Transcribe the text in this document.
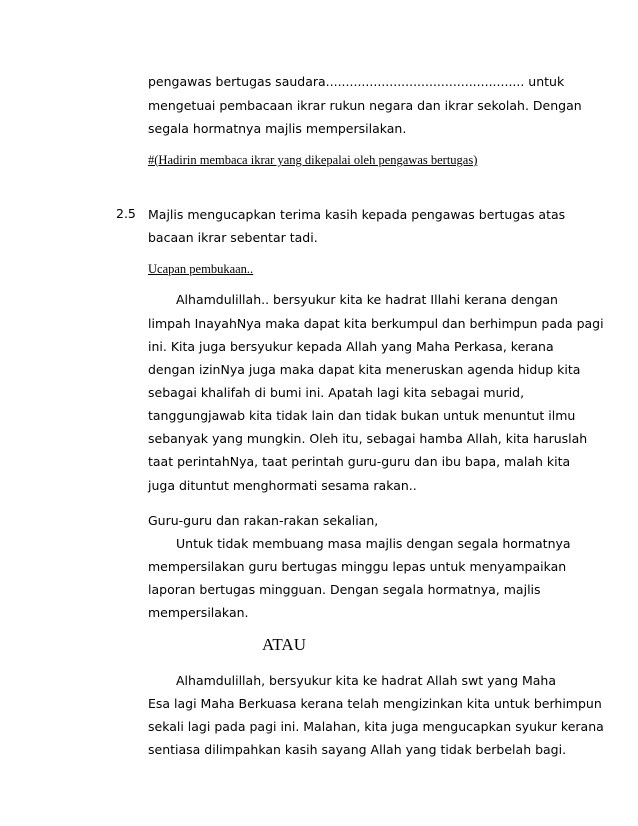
pengawas bertugas saudara.................................................. untuk
mengetuai pembacaan ikrar rukun negara dan ikrar sekolah. Dengan
segala hormatnya majlis mempersilakan.
#(Hadirin membaca ikrar yang dikepalai oleh pengawas bertugas)
2.5 Majlis mengucapkan terima kasih kepada pengawas bertugas atas
bacaan ikrar sebentar tadi.
Ucapan pembukaan..
Alhamdulillah.. bersyukur kita ke hadrat Illahi kerana dengan
limpah InayahNya maka dapat kita berkumpul dan berhimpun pada pagi
ini. Kita juga bersyukur kepada Allah yang Maha Perkasa, kerana
dengan izinNya juga maka dapat kita meneruskan agenda hidup kita
sebagai khalifah di bumi ini. Apatah lagi kita sebagai murid,
tanggungjawab kita tidak lain dan tidak bukan untuk menuntut ilmu
sebanyak yang mungkin. Oleh itu, sebagai hamba Allah, kita haruslah
taat perintahNya, taat perintah guru-guru dan ibu bapa, malah kita
juga dituntut menghormati sesama rakan..
Guru-guru dan rakan-rakan sekalian,
Untuk tidak membuang masa majlis dengan segala hormatnya
mempersilakan guru bertugas minggu lepas untuk menyampaikan
laporan bertugas mingguan. Dengan segala hormatnya, majlis
mempersilakan.
ATAU
Alhamdulillah, bersyukur kita ke hadrat Allah swt yang Maha
Esa lagi Maha Berkuasa kerana telah mengizinkan kita untuk berhimpun
sekali lagi pada pagi ini. Malahan, kita juga mengucapkan syukur kerana
sentiasa dilimpahkan kasih sayang Allah yang tidak berbelah bagi.
